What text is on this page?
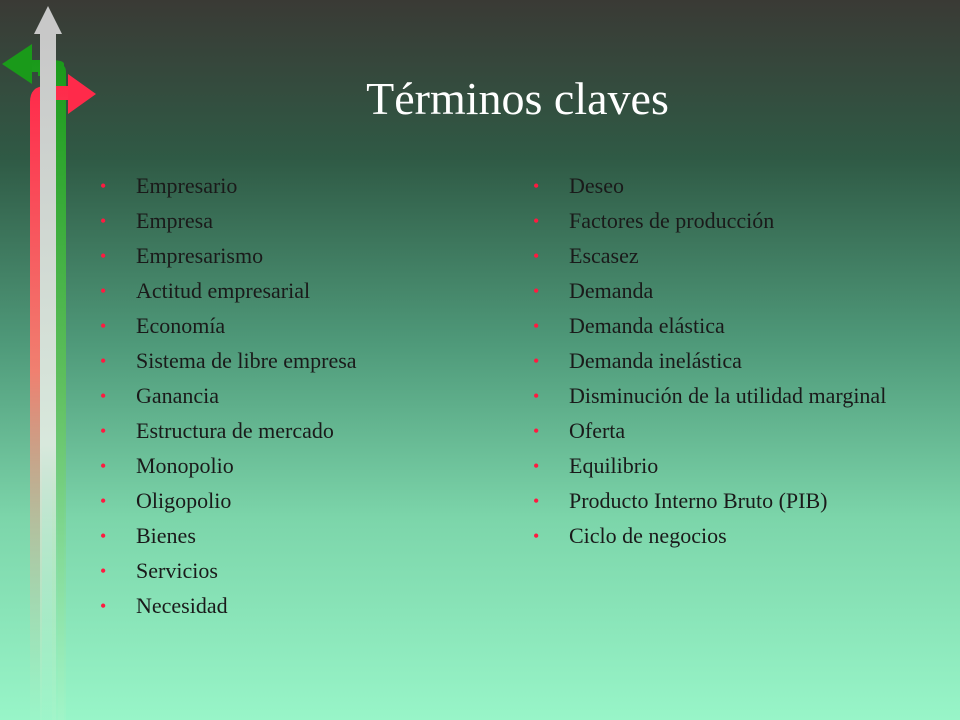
Términos claves
•	Empresario
•	Empresa
•	Empresarismo
•	Actitud empresarial
•	Economía
•	Sistema de libre empresa
•	Ganancia
•	Estructura de mercado
•	Monopolio
•	Oligopolio
•	Bienes
•	Servicios
•	Necesidad
•	Deseo
•	Factores de producción
•	Escasez
•	Demanda
•	Demanda elástica
•	Demanda inelástica
•	Disminución de la utilidad marginal
•	Oferta
•	Equilibrio
•	Producto Interno Bruto (PIB)
•	Ciclo de negocios
